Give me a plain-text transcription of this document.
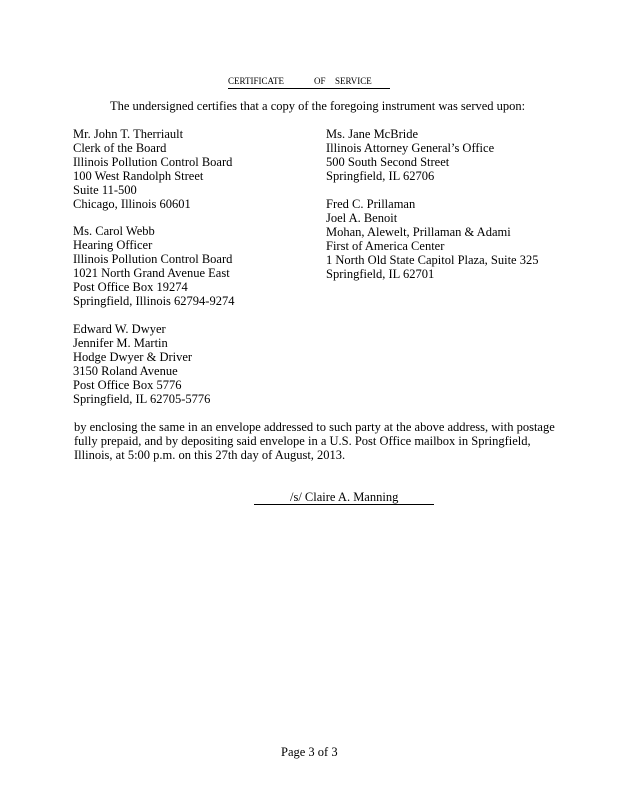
CERTIFICATE	OF SERVICE
The undersigned certifies that a copy of the foregoing instrument was served upon:
Mr. John T. Therriault
Clerk of the Board
Illinois Pollution Control Board
100 West Randolph Street
Suite 11-500
Chicago, Illinois 60601
Ms. Jane McBride
Illinois Attorney General’s Office
500 South Second Street
Springfield, IL 62706
Ms. Carol Webb
Hearing Officer
Illinois Pollution Control Board
1021 North Grand Avenue East
Post Office Box 19274
Springfield, Illinois 62794-9274
Fred C. Prillaman
Joel A. Benoit
Mohan, Alewelt, Prillaman & Adami
First of America Center
1 North Old State Capitol Plaza, Suite 325
Springfield, IL 62701
Edward W. Dwyer
Jennifer M. Martin
Hodge Dwyer & Driver
3150 Roland Avenue
Post Office Box 5776
Springfield, IL 62705-5776
by enclosing the same in an envelope addressed to such party at the above address, with postage
fully prepaid, and by depositing said envelope in a U.S. Post Office mailbox in Springfield,
Illinois, at 5:00 p.m. on this 27th day of August, 2013.
/s/ Claire A. Manning
Page 3 of 3
